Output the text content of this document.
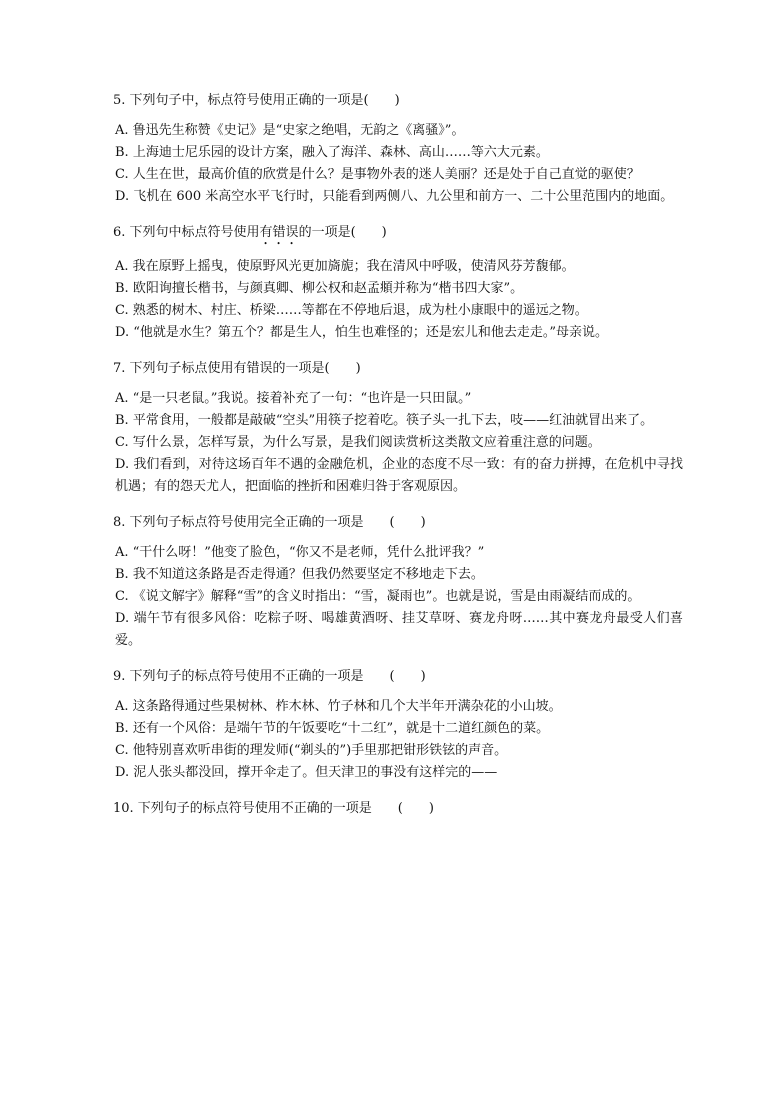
5. 下列句子中，标点符号使用正确的一项是(　　)

A. 鲁迅先生称赞《史记》是“史家之绝唱，无韵之《离骚》”。

B. 上海迪士尼乐园的设计方案，融入了海洋、森林、高山……等六大元素。

C. 人生在世，最高价值的欣赏是什么？是事物外表的迷人美丽？还是处于自己直觉的驱使？

D. 飞机在 600 米高空水平飞行时，只能看到两侧八、九公里和前方一、二十公里范围内的地面。

6. 下列句中标点符号使用有错误的一项是(　　)

A. 我在原野上摇曳，使原野风光更加旖旎；我在清风中呼吸，使清风芬芳馥郁。

B. 欧阳询擅长楷书，与颜真卿、柳公权和赵孟頫并称为“楷书四大家”。

C. 熟悉的树木、村庄、桥梁……等都在不停地后退，成为杜小康眼中的遥远之物。

D. “他就是水生？第五个？都是生人，怕生也难怪的；还是宏儿和他去走走。”母亲说。

7. 下列句子标点使用有错误的一项是(　　)

A. “是一只老鼠。”我说。接着补充了一句：“也许是一只田鼠。”

B. 平常食用，一般都是敲破“空头”用筷子挖着吃。筷子头一扎下去，吱——红油就冒出来了。

C. 写什么景，怎样写景，为什么写景，是我们阅读赏析这类散文应着重注意的问题。

D. 我们看到，对待这场百年不遇的金融危机，企业的态度不尽一致：有的奋力拼搏，在危机中寻找机遇；有的怨天尤人，把面临的挫折和困难归咎于客观原因。

8. 下列句子标点符号使用完全正确的一项是　　(　　)

A. “干什么呀！”他变了脸色，“你又不是老师，凭什么批评我？”

B. 我不知道这条路是否走得通？但我仍然要坚定不移地走下去。

C. 《说文解字》解释“雪”的含义时指出：“雪，凝雨也”。也就是说，雪是由雨凝结而成的。

D. 端午节有很多风俗：吃粽子呀、喝雄黄酒呀、挂艾草呀、赛龙舟呀……其中赛龙舟最受人们喜爱。

9. 下列句子的标点符号使用不正确的一项是　　(　　)

A. 这条路得通过些果树林、柞木林、竹子林和几个大半年开满杂花的小山坡。

B. 还有一个风俗：是端午节的午饭要吃“十二红”，就是十二道红颜色的菜。

C. 他特别喜欢听串街的理发师(“剃头的”)手里那把钳形铁铉的声音。

D. 泥人张头都没回，撑开伞走了。但天津卫的事没有这样完的——

10. 下列句子的标点符号使用不正确的一项是　　(　　)
